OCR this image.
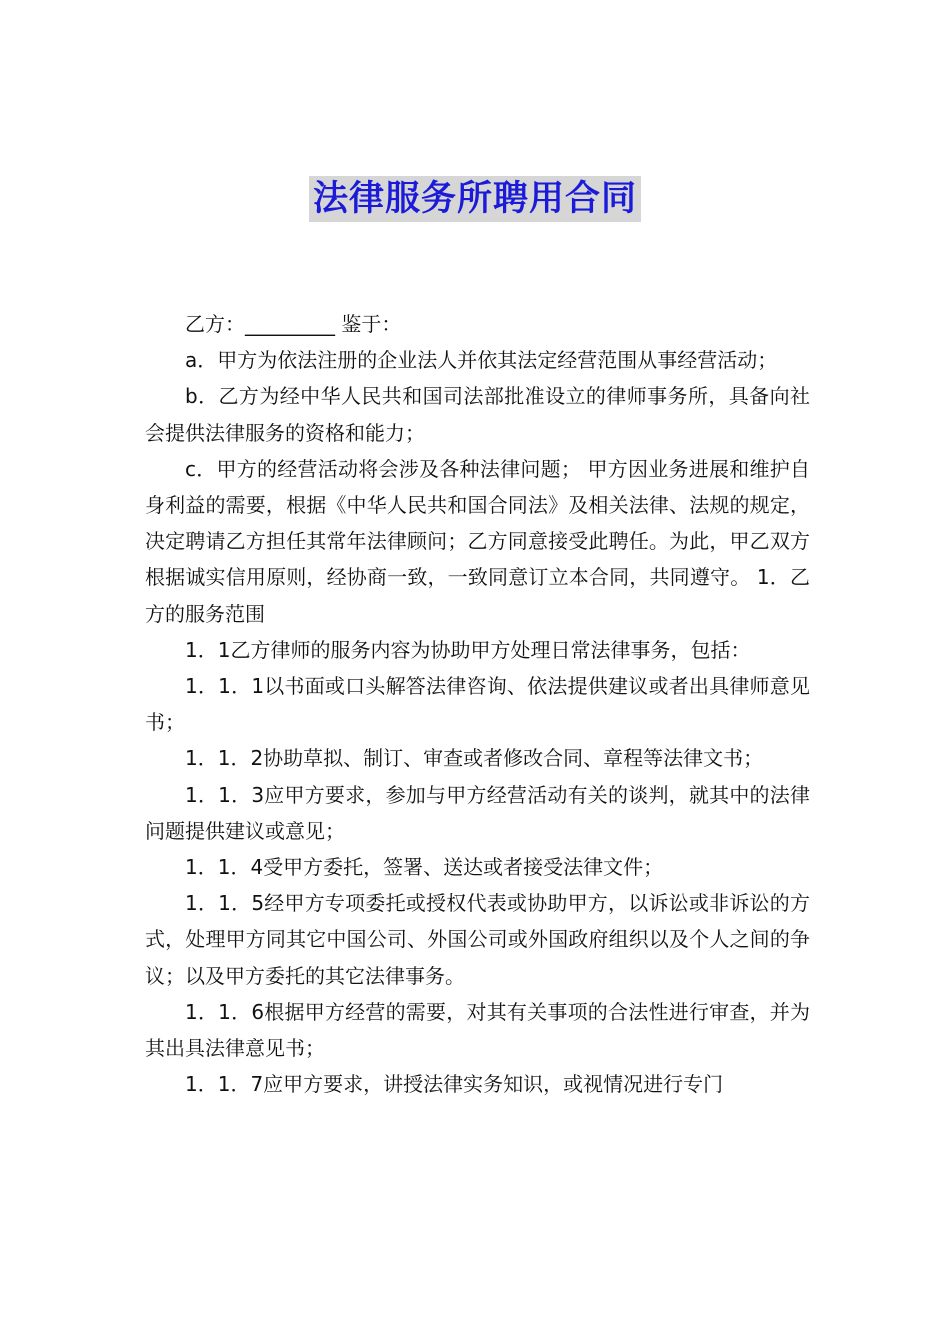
法律服务所聘用合同

乙方：_________ 鉴于：

a．甲方为依法注册的企业法人并依其法定经营范围从事经营活动；

b．乙方为经中华人民共和国司法部批准设立的律师事务所，具备向社会提供法律服务的资格和能力；

c．甲方的经营活动将会涉及各种法律问题； 甲方因业务进展和维护自身利益的需要，根据《中华人民共和国合同法》及相关法律、法规的规定，决定聘请乙方担任其常年法律顾问；乙方同意接受此聘任。为此，甲乙双方根据诚实信用原则，经协商一致，一致同意订立本合同，共同遵守。 1．乙方的服务范围

1．1乙方律师的服务内容为协助甲方处理日常法律事务，包括：

1．1．1以书面或口头解答法律咨询、依法提供建议或者出具律师意见书；

1．1．2协助草拟、制订、审查或者修改合同、章程等法律文书；

1．1．3应甲方要求，参加与甲方经营活动有关的谈判，就其中的法律问题提供建议或意见；

1．1．4受甲方委托，签署、送达或者接受法律文件；

1．1．5经甲方专项委托或授权代表或协助甲方，以诉讼或非诉讼的方式，处理甲方同其它中国公司、外国公司或外国政府组织以及个人之间的争议；以及甲方委托的其它法律事务。

1．1．6根据甲方经营的需要，对其有关事项的合法性进行审查，并为其出具法律意见书；

1．1．7应甲方要求，讲授法律实务知识，或视情况进行专门
